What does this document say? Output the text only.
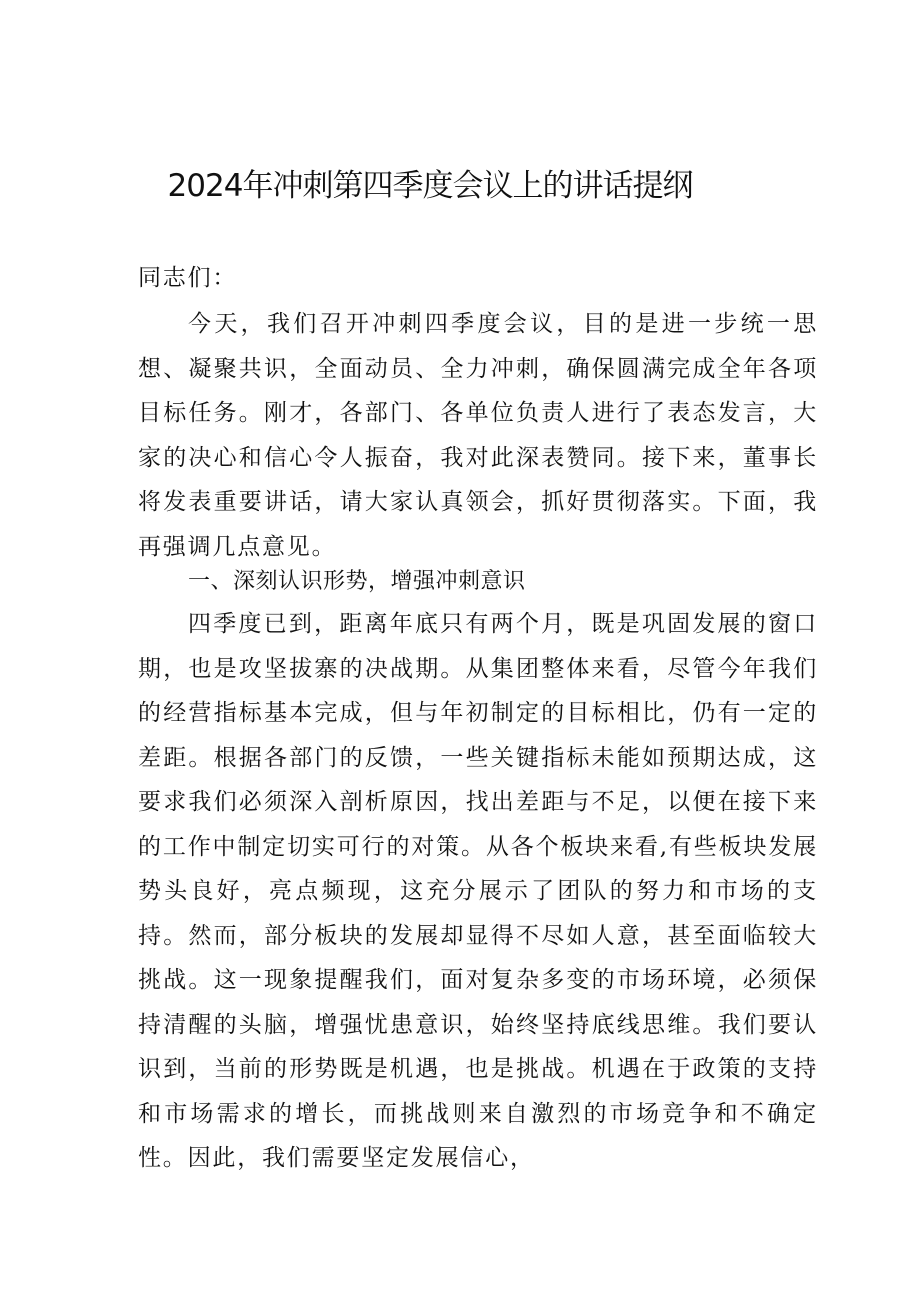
2024年冲刺第四季度会议上的讲话提纲

同志们：

今天，我们召开冲刺四季度会议，目的是进一步统一思想、凝聚共识，全面动员、全力冲刺，确保圆满完成全年各项目标任务。刚才，各部门、各单位负责人进行了表态发言，大家的决心和信心令人振奋，我对此深表赞同。接下来，董事长将发表重要讲话，请大家认真领会，抓好贯彻落实。下面，我再强调几点意见。

一、深刻认识形势，增强冲刺意识

四季度已到，距离年底只有两个月，既是巩固发展的窗口期，也是攻坚拔寨的决战期。从集团整体来看，尽管今年我们的经营指标基本完成，但与年初制定的目标相比，仍有一定的差距。根据各部门的反馈，一些关键指标未能如预期达成，这要求我们必须深入剖析原因，找出差距与不足，以便在接下来的工作中制定切实可行的对策。从各个板块来看,有些板块发展势头良好，亮点频现，这充分展示了团队的努力和市场的支持。然而，部分板块的发展却显得不尽如人意，甚至面临较大挑战。这一现象提醒我们，面对复杂多变的市场环境，必须保持清醒的头脑，增强忧患意识，始终坚持底线思维。我们要认识到，当前的形势既是机遇，也是挑战。机遇在于政策的支持和市场需求的增长，而挑战则来自激烈的市场竞争和不确定性。因此，我们需要坚定发展信心，
